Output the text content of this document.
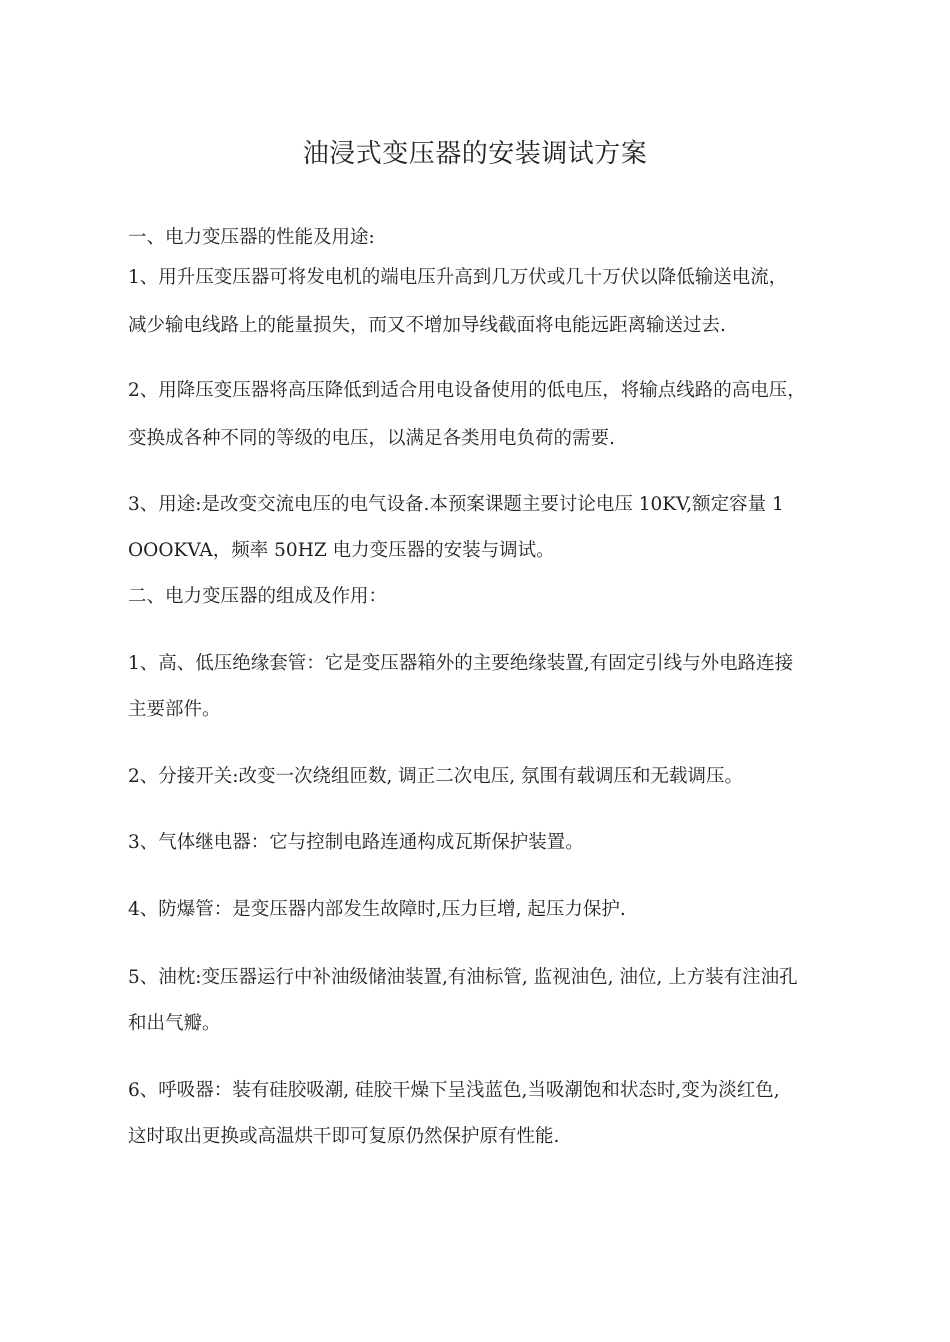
油浸式变压器的安装调试方案
一、电力变压器的性能及用途:
1、用升压变压器可将发电机的端电压升高到几万伏或几十万伏以降低输送电流，
减少输电线路上的能量损失，而又不增加导线截面将电能远距离输送过去.
2、用降压变压器将高压降低到适合用电设备使用的低电压，将输点线路的高电压，
变换成各种不同的等级的电压，以满足各类用电负荷的需要.
3、用途:是改变交流电压的电气设备.本预案课题主要讨论电压 10KV,额定容量 1
OOOKVA，频率 50HZ 电力变压器的安装与调试。
二、电力变压器的组成及作用：
1、高、低压绝缘套管：它是变压器箱外的主要绝缘装置,有固定引线与外电路连接
主要部件。
2、分接开关:改变一次绕组匝数, 调正二次电压, 氛围有载调压和无载调压。
3、气体继电器：它与控制电路连通构成瓦斯保护装置。
4、防爆管：是变压器内部发生故障时,压力巨增, 起压力保护.
5、油枕:变压器运行中补油级储油装置,有油标管, 监视油色, 油位, 上方装有注油孔
和出气瓣。
6、呼吸器：装有硅胶吸潮, 硅胶干燥下呈浅蓝色,当吸潮饱和状态时,变为淡红色,
这时取出更换或高温烘干即可复原仍然保护原有性能.
